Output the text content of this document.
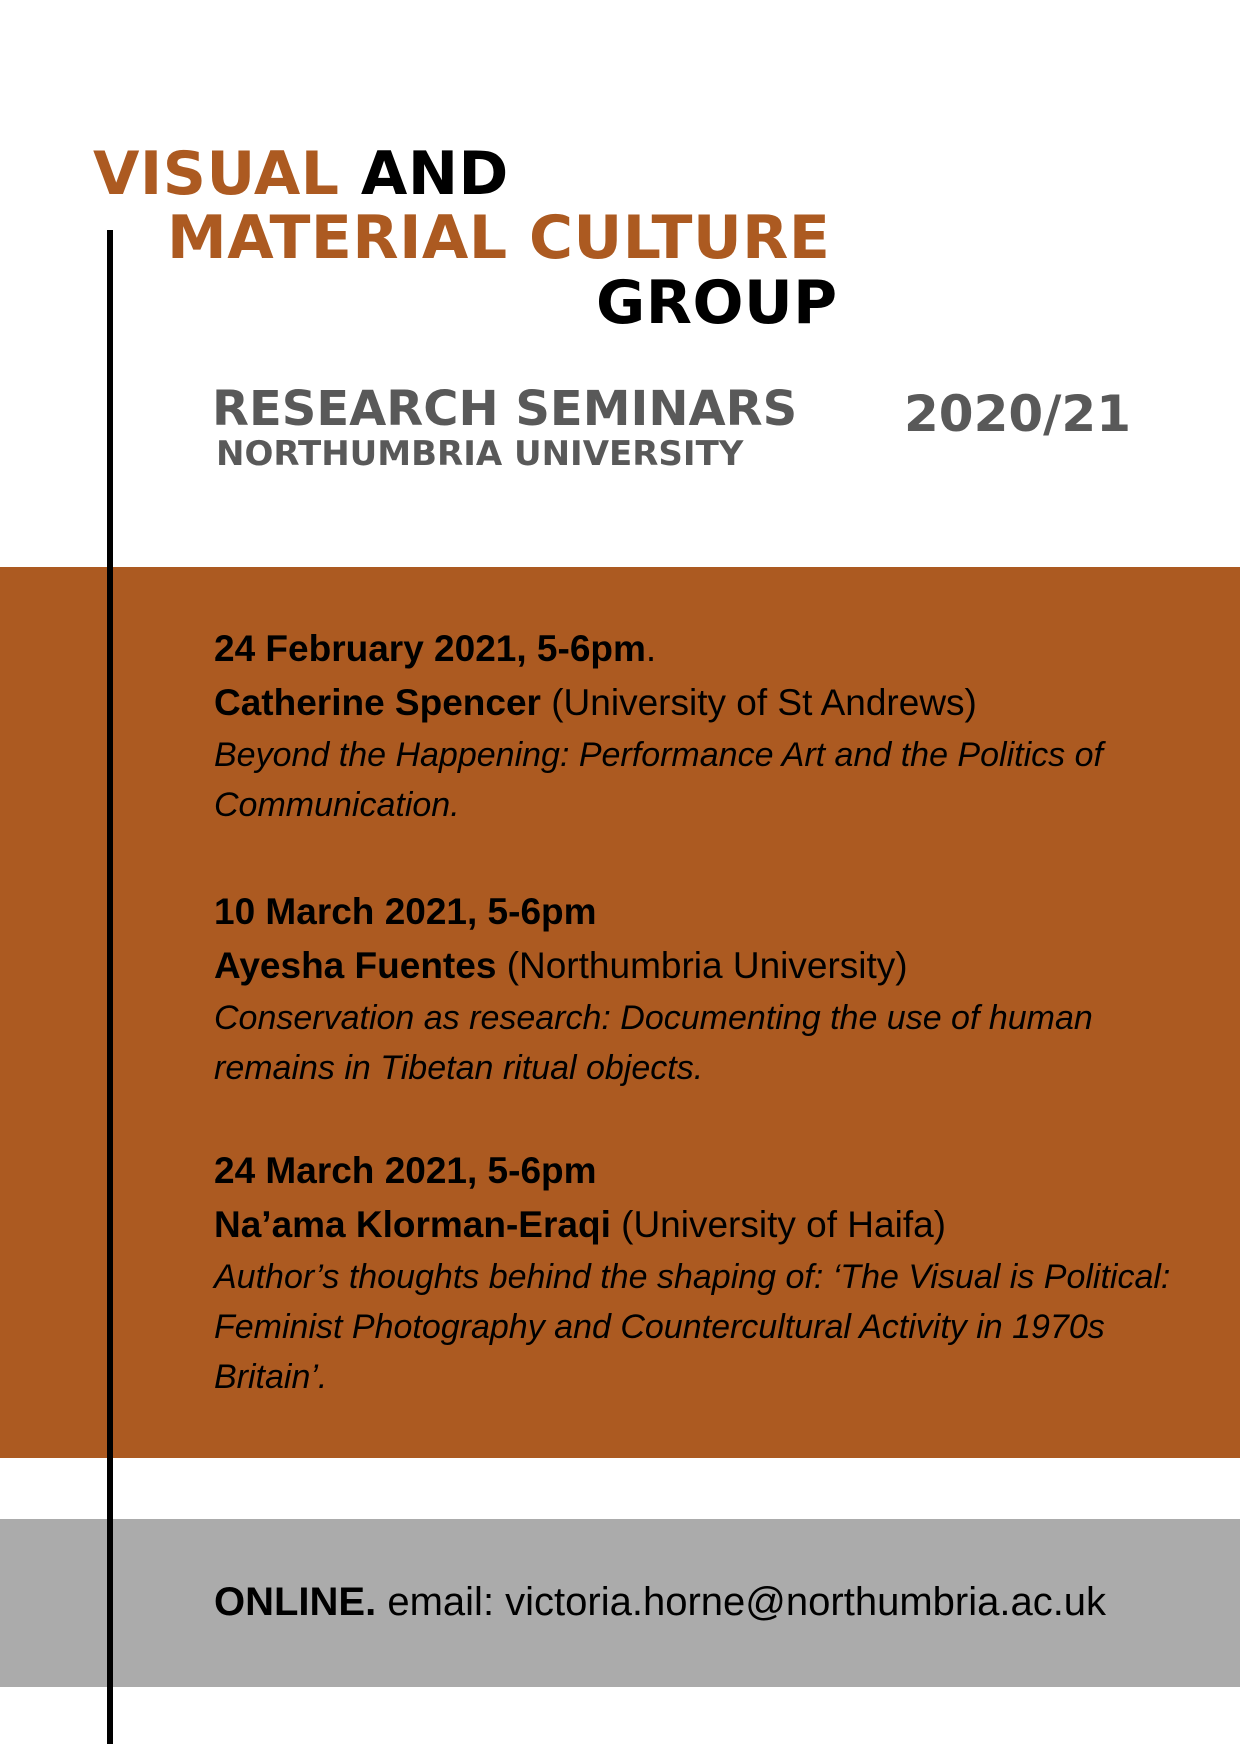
VISUAL AND
MATERIAL CULTURE
GROUP
RESEARCH SEMINARS
NORTHUMBRIA UNIVERSITY
2020/21
24 February 2021, 5-6pm.
Catherine Spencer (University of St Andrews)
Beyond the Happening: Performance Art and the Politics of Communication.
10 March 2021, 5-6pm
Ayesha Fuentes (Northumbria University)
Conservation as research: Documenting the use of human remains in Tibetan ritual objects.
24 March 2021, 5-6pm
Na’ama Klorman-Eraqi (University of Haifa)
Author’s thoughts behind the shaping of: ‘The Visual is Political: Feminist Photography and Countercultural Activity in 1970s Britain’.
ONLINE. email: victoria.horne@northumbria.ac.uk
